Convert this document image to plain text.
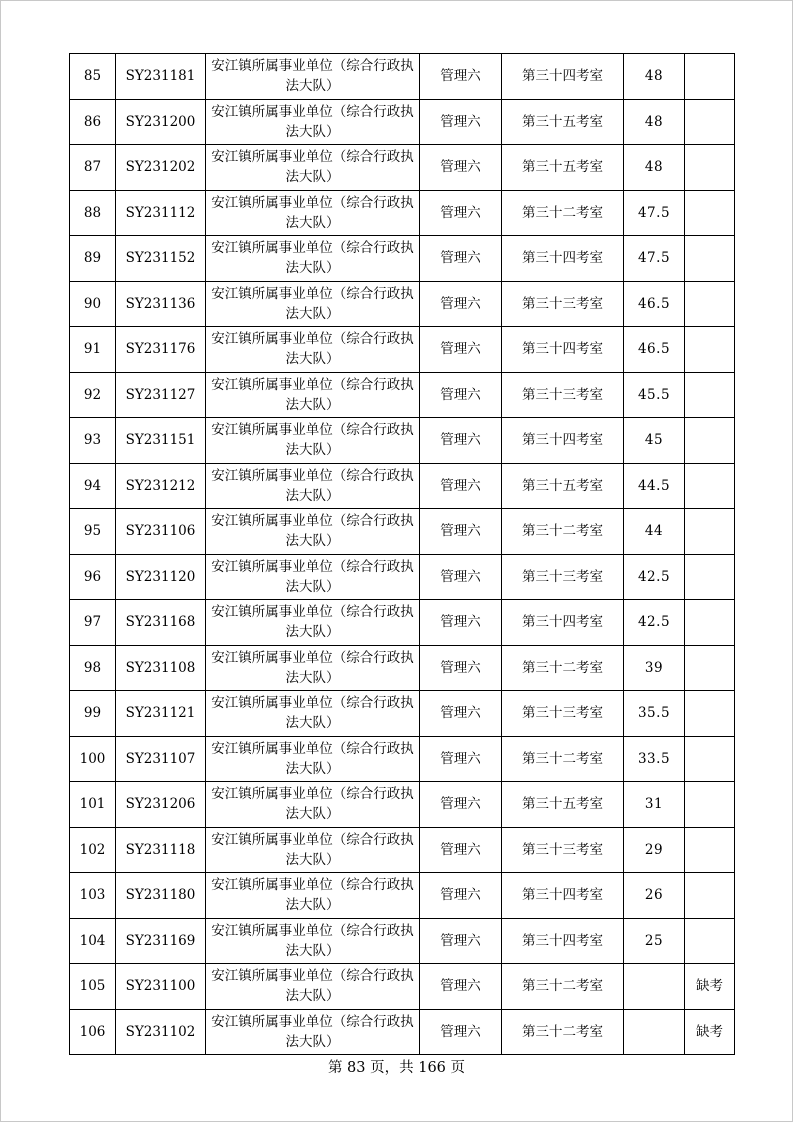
85	SY231181	安江镇所属事业单位（综合行政执法大队）	管理六	第三十四考室	48	
86	SY231200	安江镇所属事业单位（综合行政执法大队）	管理六	第三十五考室	48	
87	SY231202	安江镇所属事业单位（综合行政执法大队）	管理六	第三十五考室	48	
88	SY231112	安江镇所属事业单位（综合行政执法大队）	管理六	第三十二考室	47.5	
89	SY231152	安江镇所属事业单位（综合行政执法大队）	管理六	第三十四考室	47.5	
90	SY231136	安江镇所属事业单位（综合行政执法大队）	管理六	第三十三考室	46.5	
91	SY231176	安江镇所属事业单位（综合行政执法大队）	管理六	第三十四考室	46.5	
92	SY231127	安江镇所属事业单位（综合行政执法大队）	管理六	第三十三考室	45.5	
93	SY231151	安江镇所属事业单位（综合行政执法大队）	管理六	第三十四考室	45	
94	SY231212	安江镇所属事业单位（综合行政执法大队）	管理六	第三十五考室	44.5	
95	SY231106	安江镇所属事业单位（综合行政执法大队）	管理六	第三十二考室	44	
96	SY231120	安江镇所属事业单位（综合行政执法大队）	管理六	第三十三考室	42.5	
97	SY231168	安江镇所属事业单位（综合行政执法大队）	管理六	第三十四考室	42.5	
98	SY231108	安江镇所属事业单位（综合行政执法大队）	管理六	第三十二考室	39	
99	SY231121	安江镇所属事业单位（综合行政执法大队）	管理六	第三十三考室	35.5	
100	SY231107	安江镇所属事业单位（综合行政执法大队）	管理六	第三十二考室	33.5	
101	SY231206	安江镇所属事业单位（综合行政执法大队）	管理六	第三十五考室	31	
102	SY231118	安江镇所属事业单位（综合行政执法大队）	管理六	第三十三考室	29	
103	SY231180	安江镇所属事业单位（综合行政执法大队）	管理六	第三十四考室	26	
104	SY231169	安江镇所属事业单位（综合行政执法大队）	管理六	第三十四考室	25	
105	SY231100	安江镇所属事业单位（综合行政执法大队）	管理六	第三十二考室		缺考
106	SY231102	安江镇所属事业单位（综合行政执法大队）	管理六	第三十二考室		缺考
第 83 页，共 166 页
